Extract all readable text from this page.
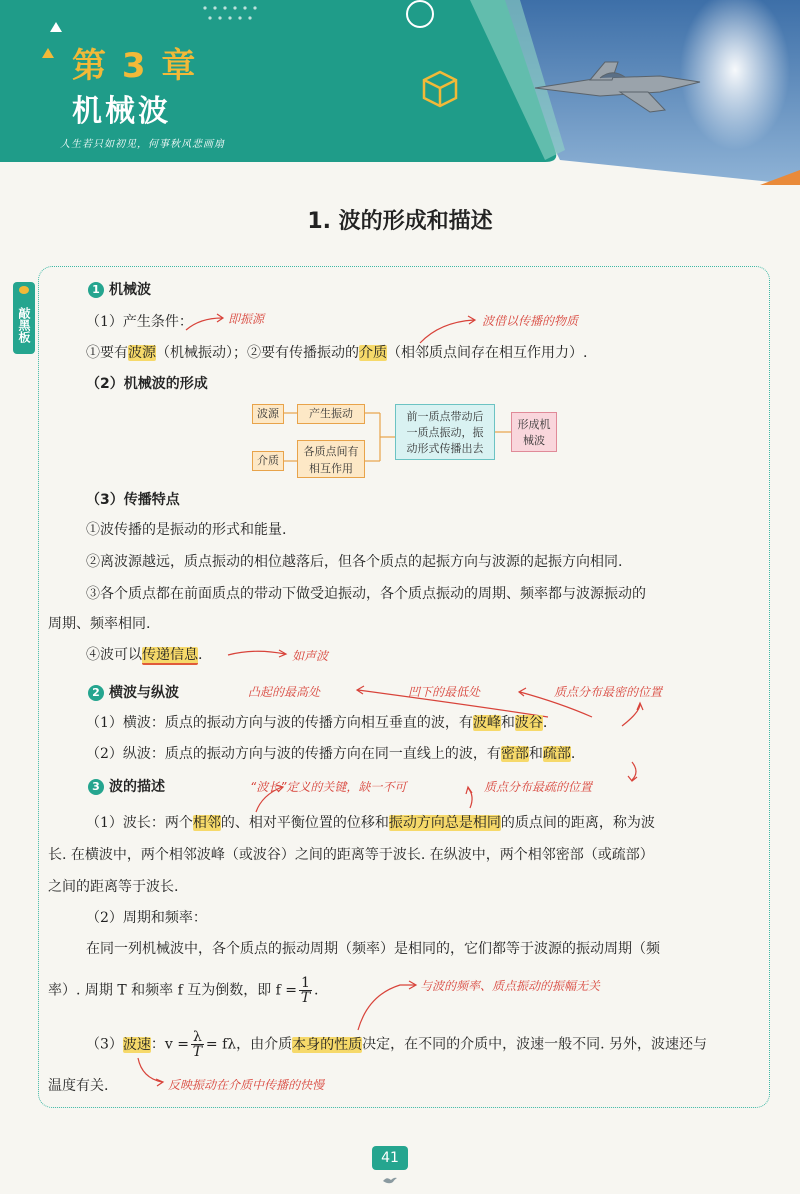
第 3 章
机械波
人生若只如初见，何事秋风悲画扇
1. 波的形成和描述
敲黑板
1 机械波
（1）产生条件：	即振源	波借以传播的物质
①要有波源（机械振动）；②要有传播振动的介质（相邻质点间存在相互作用力）.
（2）机械波的形成
波源	产生振动
介质
各质点间有
相互作用
前一质点带动后
一质点振动，振
动形式传播出去
形成机
械波
（3）传播特点
①波传播的是振动的形式和能量.
②离波源越远，质点振动的相位越落后，但各个质点的起振方向与波源的起振方向相同.
③各个质点都在前面质点的带动下做受迫振动，各个质点振动的周期、频率都与波源振动的
周期、频率相同.
④波可以传递信息.	如声波
2 横波与纵波	凸起的最高处	凹下的最低处	质点分布最密的位置
（1）横波：质点的振动方向与波的传播方向相互垂直的波，有波峰和波谷.
（2）纵波：质点的振动方向与波的传播方向在同一直线上的波，有密部和疏部.
3 波的描述	“波长”定义的关键，缺一不可	质点分布最疏的位置
（1）波长：两个相邻的、相对平衡位置的位移和振动方向总是相同的质点间的距离，称为波
长. 在横波中，两个相邻波峰（或波谷）之间的距离等于波长. 在纵波中，两个相邻密部（或疏部）
之间的距离等于波长.
（2）周期和频率：
在同一列机械波中，各个质点的振动周期（频率）是相同的，它们都等于波源的振动周期（频
率）. 周期 T 和频率 f 互为倒数，即 $f = \frac{1}{T}$ .	与波的频率、质点振动的振幅无关
（3）波速：$v = \frac{\lambda}{T} = f\lambda$，由介质本身的性质决定，在不同的介质中，波速一般不同. 另外，波速还与
温度有关.	反映振动在介质中传播的快慢
41
